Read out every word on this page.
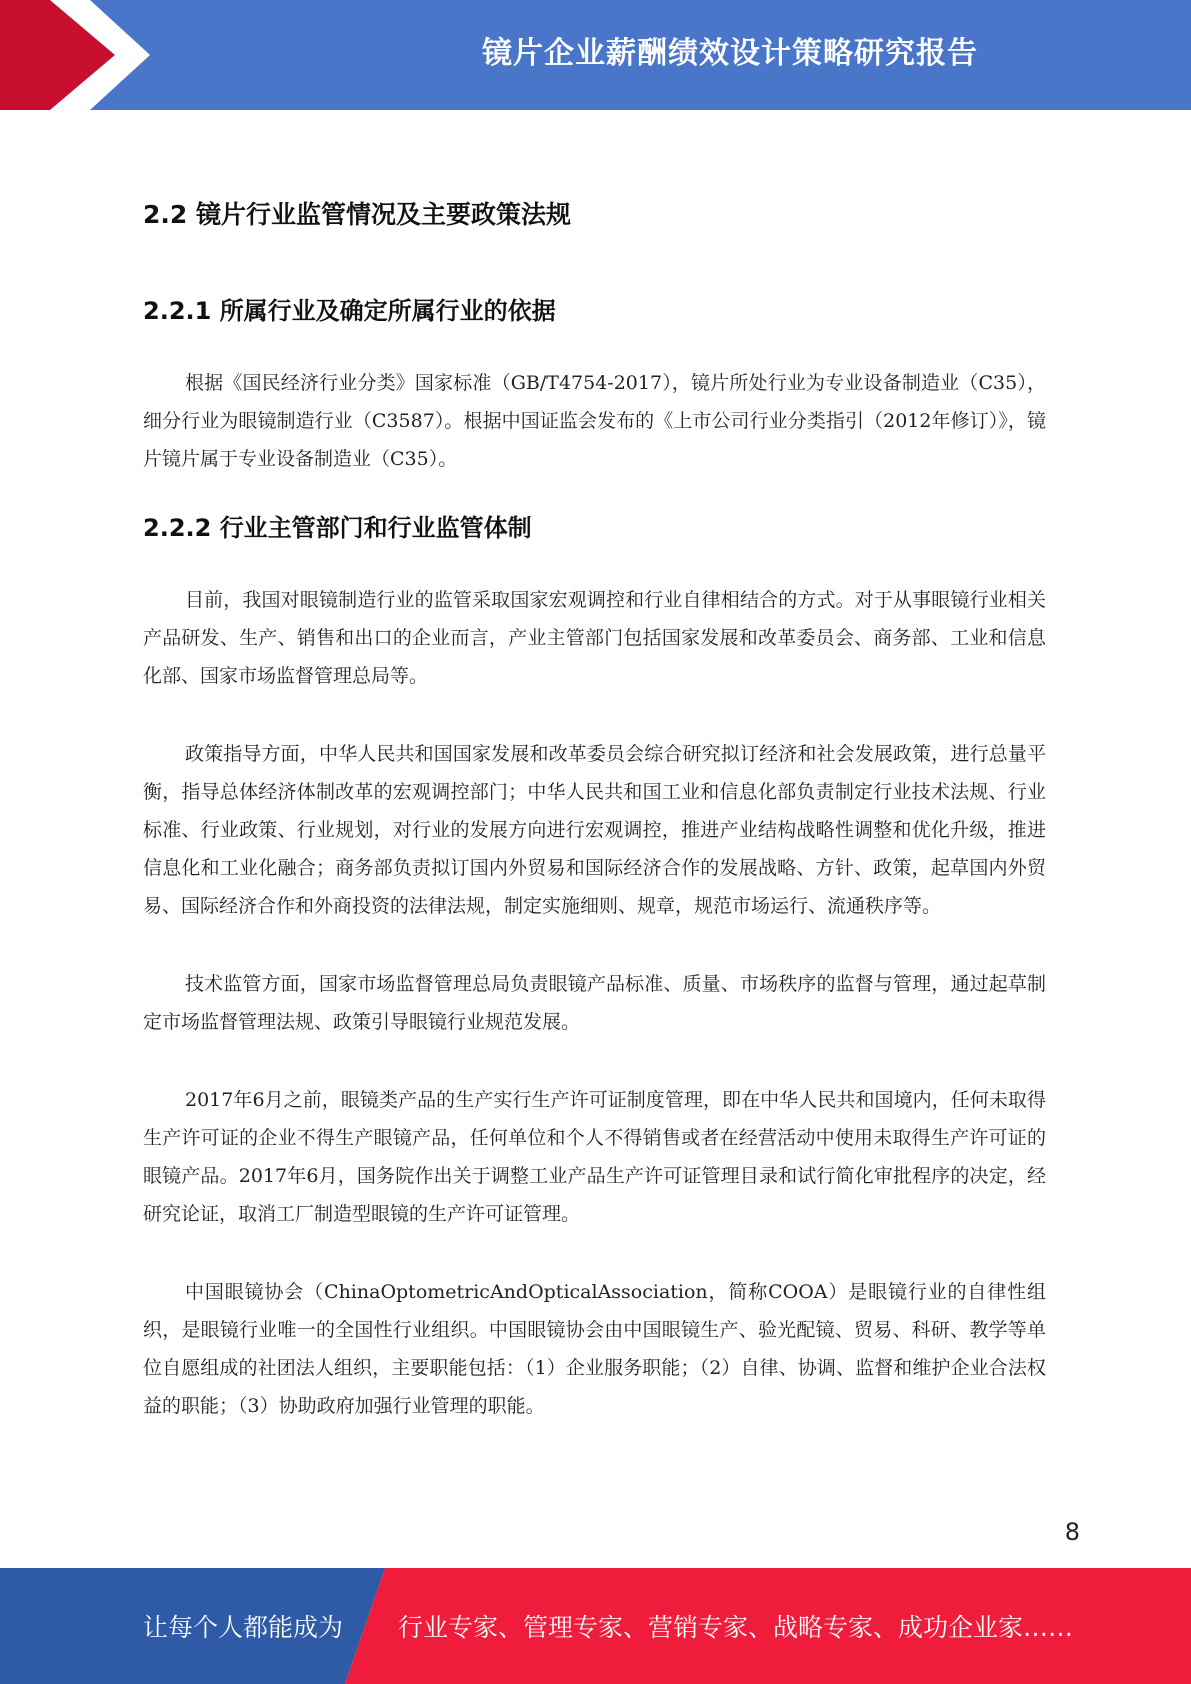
镜片企业薪酬绩效设计策略研究报告
2.2 镜片行业监管情况及主要政策法规
2.2.1 所属行业及确定所属行业的依据

根据《国民经济行业分类》国家标准（GB/T4754-2017），镜片所处行业为专业设备制造业（C35），细分行业为眼镜制造行业（C3587）。根据中国证监会发布的《上市公司行业分类指引（2012年修订）》，镜片镜片属于专业设备制造业（C35）。

2.2.2 行业主管部门和行业监管体制

目前，我国对眼镜制造行业的监管采取国家宏观调控和行业自律相结合的方式。对于从事眼镜行业相关产品研发、生产、销售和出口的企业而言，产业主管部门包括国家发展和改革委员会、商务部、工业和信息化部、国家市场监督管理总局等。

政策指导方面，中华人民共和国国家发展和改革委员会综合研究拟订经济和社会发展政策，进行总量平衡，指导总体经济体制改革的宏观调控部门；中华人民共和国工业和信息化部负责制定行业技术法规、行业标准、行业政策、行业规划，对行业的发展方向进行宏观调控，推进产业结构战略性调整和优化升级，推进信息化和工业化融合；商务部负责拟订国内外贸易和国际经济合作的发展战略、方针、政策，起草国内外贸易、国际经济合作和外商投资的法律法规，制定实施细则、规章，规范市场运行、流通秩序等。

技术监管方面，国家市场监督管理总局负责眼镜产品标准、质量、市场秩序的监督与管理，通过起草制定市场监督管理法规、政策引导眼镜行业规范发展。

2017年6月之前，眼镜类产品的生产实行生产许可证制度管理，即在中华人民共和国境内，任何未取得生产许可证的企业不得生产眼镜产品，任何单位和个人不得销售或者在经营活动中使用未取得生产许可证的眼镜产品。2017年6月，国务院作出关于调整工业产品生产许可证管理目录和试行简化审批程序的决定，经研究论证，取消工厂制造型眼镜的生产许可证管理。

中国眼镜协会（ChinaOptometricAndOpticalAssociation，简称COOA）是眼镜行业的自律性组织，是眼镜行业唯一的全国性行业组织。中国眼镜协会由中国眼镜生产、验光配镜、贸易、科研、教学等单位自愿组成的社团法人组织，主要职能包括：（1）企业服务职能；（2）自律、协调、监督和维护企业合法权益的职能；（3）协助政府加强行业管理的职能。

8
让每个人都能成为 行业专家、管理专家、营销专家、战略专家、成功企业家……
